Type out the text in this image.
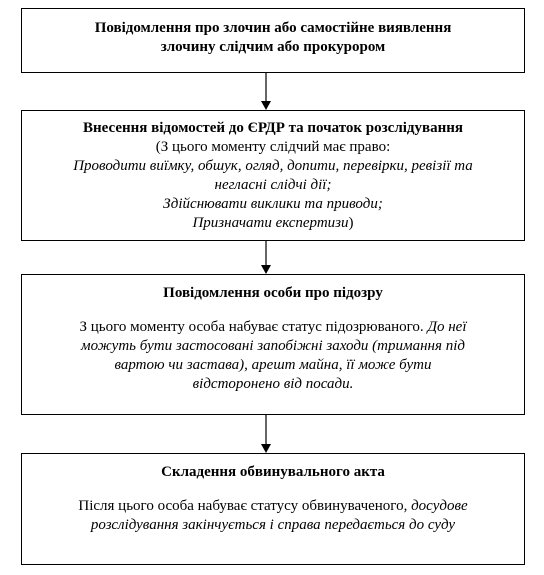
Повідомлення про злочин або самостійне виявлення
злочину слідчим або прокурором
Внесення відомостей до ЄРДР та початок розслідування
(З цього моменту слідчий має право:
Проводити виїмку, обшук, огляд, допити, перевірки, ревізії та
негласні слідчі дії;
Здійснювати виклики та приводи;
Призначати експертизи)
Повідомлення особи про підозру
З цього моменту особа набуває статус підозрюваного. До неї
можуть бути застосовані запобіжні заходи (тримання під
вартою чи застава), арешт майна, її може бути
відсторонено від посади.
Складення обвинувального акта
Після цього особа набуває статусу обвинуваченого, досудове
розслідування закінчується і справа передається до суду
